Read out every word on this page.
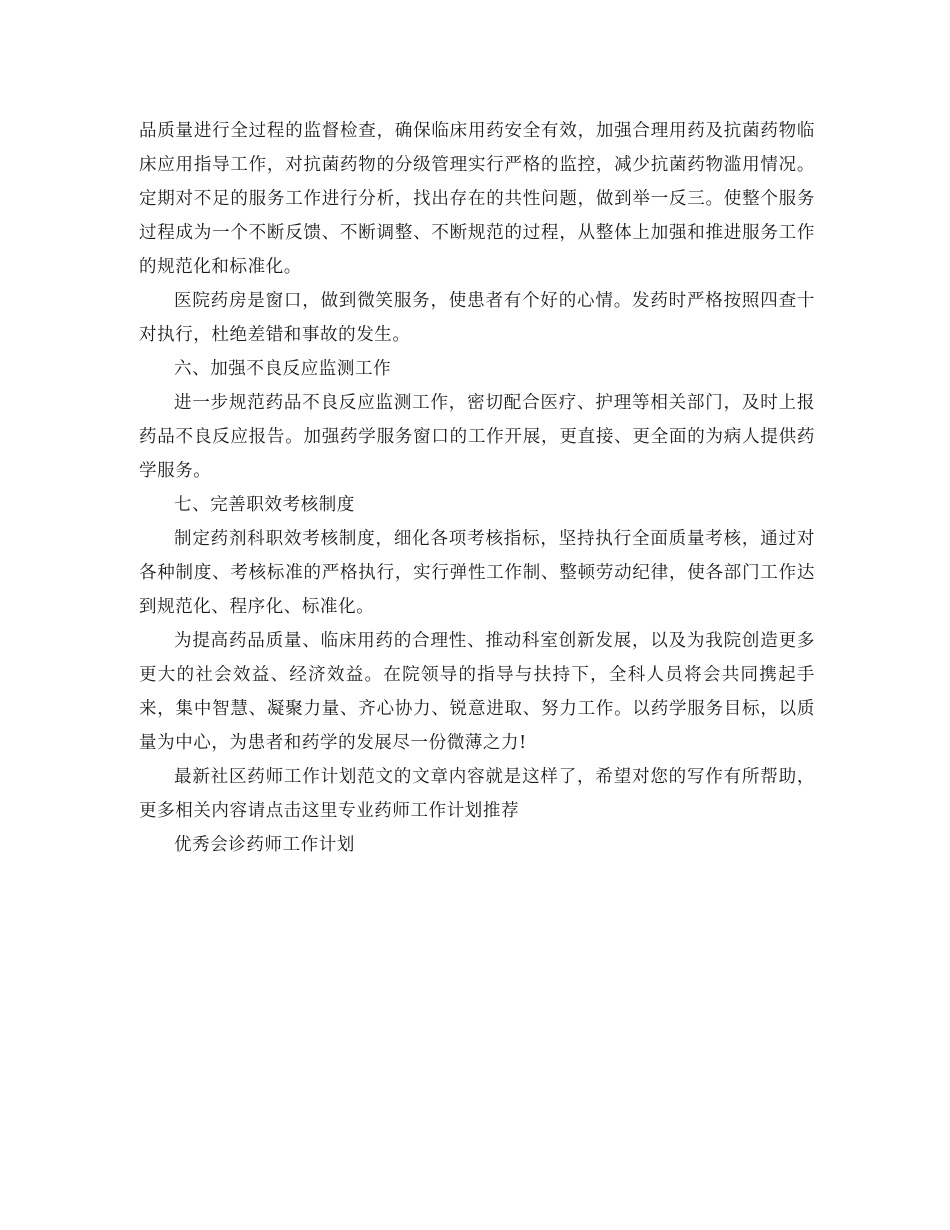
品质量进行全过程的监督检查，确保临床用药安全有效，加强合理用药及抗菌药物临床应用指导工作，对抗菌药物的分级管理实行严格的监控，减少抗菌药物滥用情况。定期对不足的服务工作进行分析，找出存在的共性问题，做到举一反三。使整个服务过程成为一个不断反馈、不断调整、不断规范的过程，从整体上加强和推进服务工作的规范化和标准化。

医院药房是窗口，做到微笑服务，使患者有个好的心情。发药时严格按照四查十对执行，杜绝差错和事故的发生。

六、加强不良反应监测工作

进一步规范药品不良反应监测工作，密切配合医疗、护理等相关部门，及时上报药品不良反应报告。加强药学服务窗口的工作开展，更直接、更全面的为病人提供药学服务。

七、完善职效考核制度

制定药剂科职效考核制度，细化各项考核指标，坚持执行全面质量考核，通过对各种制度、考核标准的严格执行，实行弹性工作制、整顿劳动纪律，使各部门工作达到规范化、程序化、标准化。

为提高药品质量、临床用药的合理性、推动科室创新发展，以及为我院创造更多更大的社会效益、经济效益。在院领导的指导与扶持下，全科人员将会共同携起手来，集中智慧、凝聚力量、齐心协力、锐意进取、努力工作。以药学服务目标，以质量为中心，为患者和药学的发展尽一份微薄之力!

最新社区药师工作计划范文的文章内容就是这样了，希望对您的写作有所帮助，更多相关内容请点击这里专业药师工作计划推荐

优秀会诊药师工作计划
